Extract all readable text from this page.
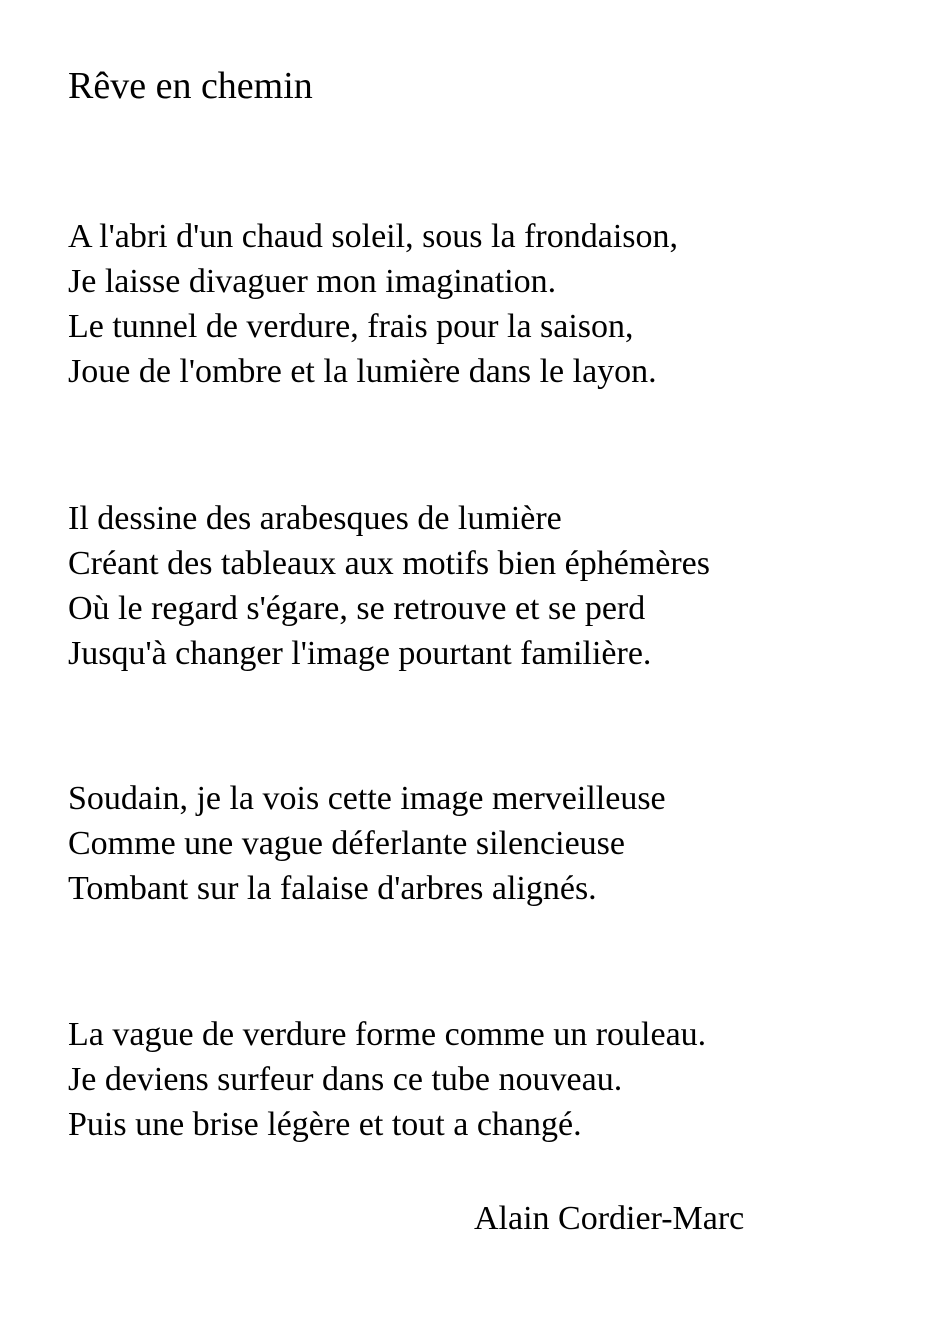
Rêve en chemin
A l'abri d'un chaud soleil, sous la frondaison,
Je laisse divaguer mon imagination.
Le tunnel de verdure, frais pour la saison,
Joue de l'ombre et la lumière dans le layon.
Il dessine des arabesques de lumière
Créant des tableaux aux motifs bien éphémères
Où le regard s'égare, se retrouve et se perd
Jusqu'à changer l'image pourtant familière.
Soudain, je la vois cette image merveilleuse
Comme une vague déferlante silencieuse
Tombant sur la falaise d'arbres alignés.
La vague de verdure forme comme un rouleau.
Je deviens surfeur dans ce tube nouveau.
Puis une brise légère et tout a changé.

Alain Cordier-Marc
